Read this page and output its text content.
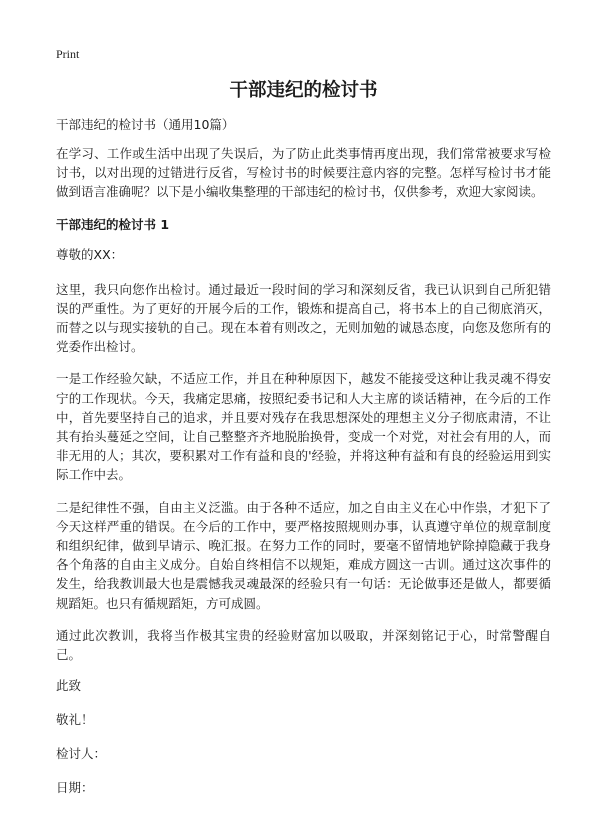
Print
干部违纪的检讨书
干部违纪的检讨书（通用10篇）

在学习、工作或生活中出现了失误后，为了防止此类事情再度出现，我们常常被要求写检讨书，以对出现的过错进行反省，写检讨书的时候要注意内容的完整。怎样写检讨书才能做到语言准确呢？以下是小编收集整理的干部违纪的检讨书，仅供参考，欢迎大家阅读。

干部违纪的检讨书 1
尊敬的XX：

这里，我只向您作出检讨。通过最近一段时间的学习和深刻反省，我已认识到自己所犯错误的严重性。为了更好的开展今后的工作，锻炼和提高自己，将书本上的自己彻底消灭，而替之以与现实接轨的自己。现在本着有则改之，无则加勉的诚恳态度，向您及您所有的党委作出检讨。

一是工作经验欠缺，不适应工作，并且在种种原因下，越发不能接受这种让我灵魂不得安宁的工作现状。今天，我痛定思痛，按照纪委书记和人大主席的谈话精神，在今后的工作中，首先要坚持自己的追求，并且要对残存在我思想深处的理想主义分子彻底肃清，不让其有抬头蔓延之空间，让自己整整齐齐地脱胎换骨，变成一个对党，对社会有用的人，而非无用的人；其次，要积累对工作有益和良的'经验，并将这种有益和有良的经验运用到实际工作中去。

二是纪律性不强，自由主义泛滥。由于各种不适应，加之自由主义在心中作祟，才犯下了今天这样严重的错误。在今后的工作中，要严格按照规则办事，认真遵守单位的规章制度和组织纪律，做到早请示、晚汇报。在努力工作的同时，要毫不留情地铲除掉隐藏于我身各个角落的自由主义成分。自始自终相信不以规矩，难成方圆这一古训。通过这次事件的发生，给我教训最大也是震憾我灵魂最深的经验只有一句话：无论做事还是做人，都要循规蹈矩。也只有循规蹈矩，方可成圆。

通过此次教训，我将当作极其宝贵的经验财富加以吸取，并深刻铭记于心，时常警醒自己。

此致
敬礼！
检讨人：
日期：
